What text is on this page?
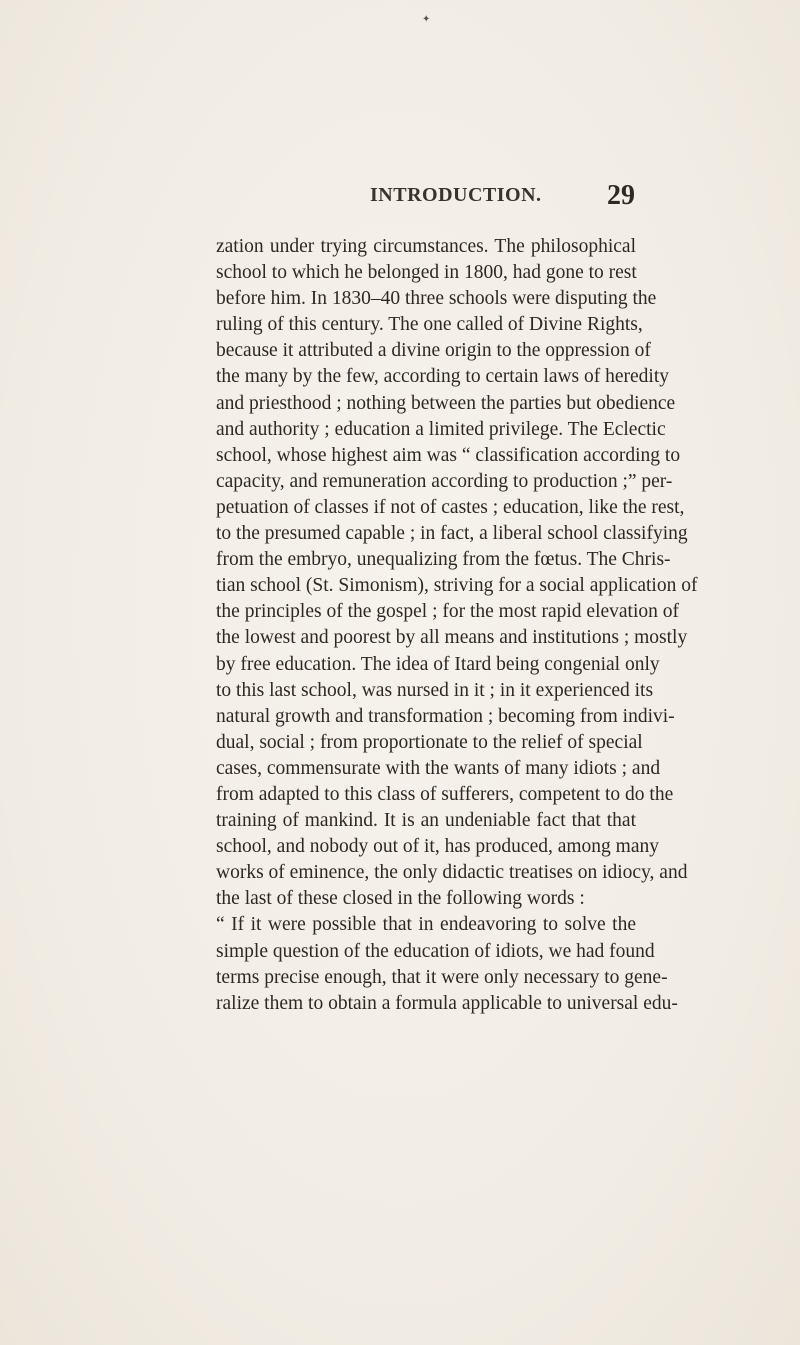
✦
INTRODUCTION. 29
zation under trying circumstances. The philosophical
school to which he belonged in 1800, had gone to rest
before him. In 1830–40 three schools were disputing the
ruling of this century. The one called of Divine Rights,
because it attributed a divine origin to the oppression of
the many by the few, according to certain laws of heredity
and priesthood ; nothing between the parties but obedience
and authority ; education a limited privilege. The Eclectic
school, whose highest aim was “ classification according to
capacity, and remuneration according to production ;” per-
petuation of classes if not of castes ; education, like the rest,
to the presumed capable ; in fact, a liberal school classifying
from the embryo, unequalizing from the fœtus. The Chris-
tian school (St. Simonism), striving for a social application of
the principles of the gospel ; for the most rapid elevation of
the lowest and poorest by all means and institutions ; mostly
by free education. The idea of Itard being congenial only
to this last school, was nursed in it ; in it experienced its
natural growth and transformation ; becoming from indivi-
dual, social ; from proportionate to the relief of special
cases, commensurate with the wants of many idiots ; and
from adapted to this class of sufferers, competent to do the
training of mankind. It is an undeniable fact that that
school, and nobody out of it, has produced, among many
works of eminence, the only didactic treatises on idiocy, and
the last of these closed in the following words :
“ If it were possible that in endeavoring to solve the
simple question of the education of idiots, we had found
terms precise enough, that it were only necessary to gene-
ralize them to obtain a formula applicable to universal edu-
